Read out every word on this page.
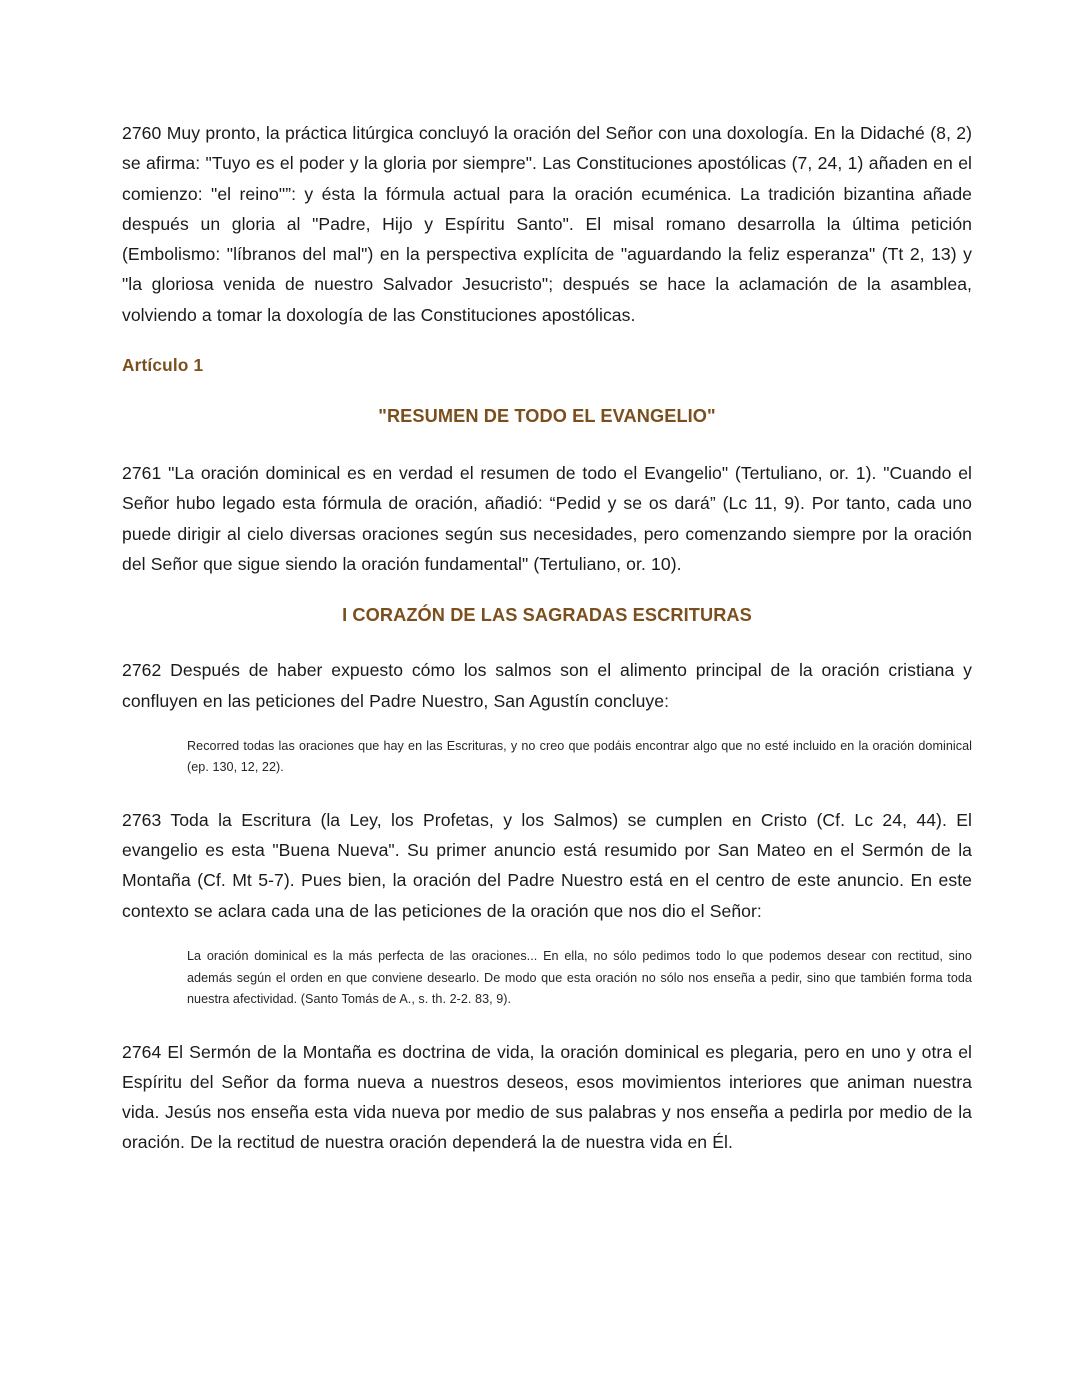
2760 Muy pronto, la práctica litúrgica concluyó la oración del Señor con una doxología. En la Didaché (8, 2) se afirma: "Tuyo es el poder y la gloria por siempre". Las Constituciones apostólicas (7, 24, 1) añaden en el comienzo: "el reino"”: y ésta la fórmula actual para la oración ecuménica. La tradición bizantina añade después un gloria al "Padre, Hijo y Espíritu Santo". El misal romano desarrolla la última petición (Embolismo: "líbranos del mal") en la perspectiva explícita de "aguardando la feliz esperanza" (Tt 2, 13) y "la gloriosa venida de nuestro Salvador Jesucristo"; después se hace la aclamación de la asamblea, volviendo a tomar la doxología de las Constituciones apostólicas.

Artículo 1

"RESUMEN DE TODO EL EVANGELIO"

2761 "La oración dominical es en verdad el resumen de todo el Evangelio" (Tertuliano, or. 1). "Cuando el Señor hubo legado esta fórmula de oración, añadió: “Pedid y se os dará” (Lc 11, 9). Por tanto, cada uno puede dirigir al cielo diversas oraciones según sus necesidades, pero comenzando siempre por la oración del Señor que sigue siendo la oración fundamental" (Tertuliano, or. 10).

I CORAZÓN DE LAS SAGRADAS ESCRITURAS

2762 Después de haber expuesto cómo los salmos son el alimento principal de la oración cristiana y confluyen en las peticiones del Padre Nuestro, San Agustín concluye:

Recorred todas las oraciones que hay en las Escrituras, y no creo que podáis encontrar algo que no esté incluido en la oración dominical (ep. 130, 12, 22).

2763 Toda la Escritura (la Ley, los Profetas, y los Salmos) se cumplen en Cristo (Cf. Lc 24, 44). El evangelio es esta "Buena Nueva". Su primer anuncio está resumido por San Mateo en el Sermón de la Montaña (Cf. Mt 5-7). Pues bien, la oración del Padre Nuestro está en el centro de este anuncio. En este contexto se aclara cada una de las peticiones de la oración que nos dio el Señor:

La oración dominical es la más perfecta de las oraciones... En ella, no sólo pedimos todo lo que podemos desear con rectitud, sino además según el orden en que conviene desearlo. De modo que esta oración no sólo nos enseña a pedir, sino que también forma toda nuestra afectividad. (Santo Tomás de A., s. th. 2-2. 83, 9).

2764 El Sermón de la Montaña es doctrina de vida, la oración dominical es plegaria, pero en uno y otra el Espíritu del Señor da forma nueva a nuestros deseos, esos movimientos interiores que animan nuestra vida. Jesús nos enseña esta vida nueva por medio de sus palabras y nos enseña a pedirla por medio de la oración. De la rectitud de nuestra oración dependerá la de nuestra vida en Él.
